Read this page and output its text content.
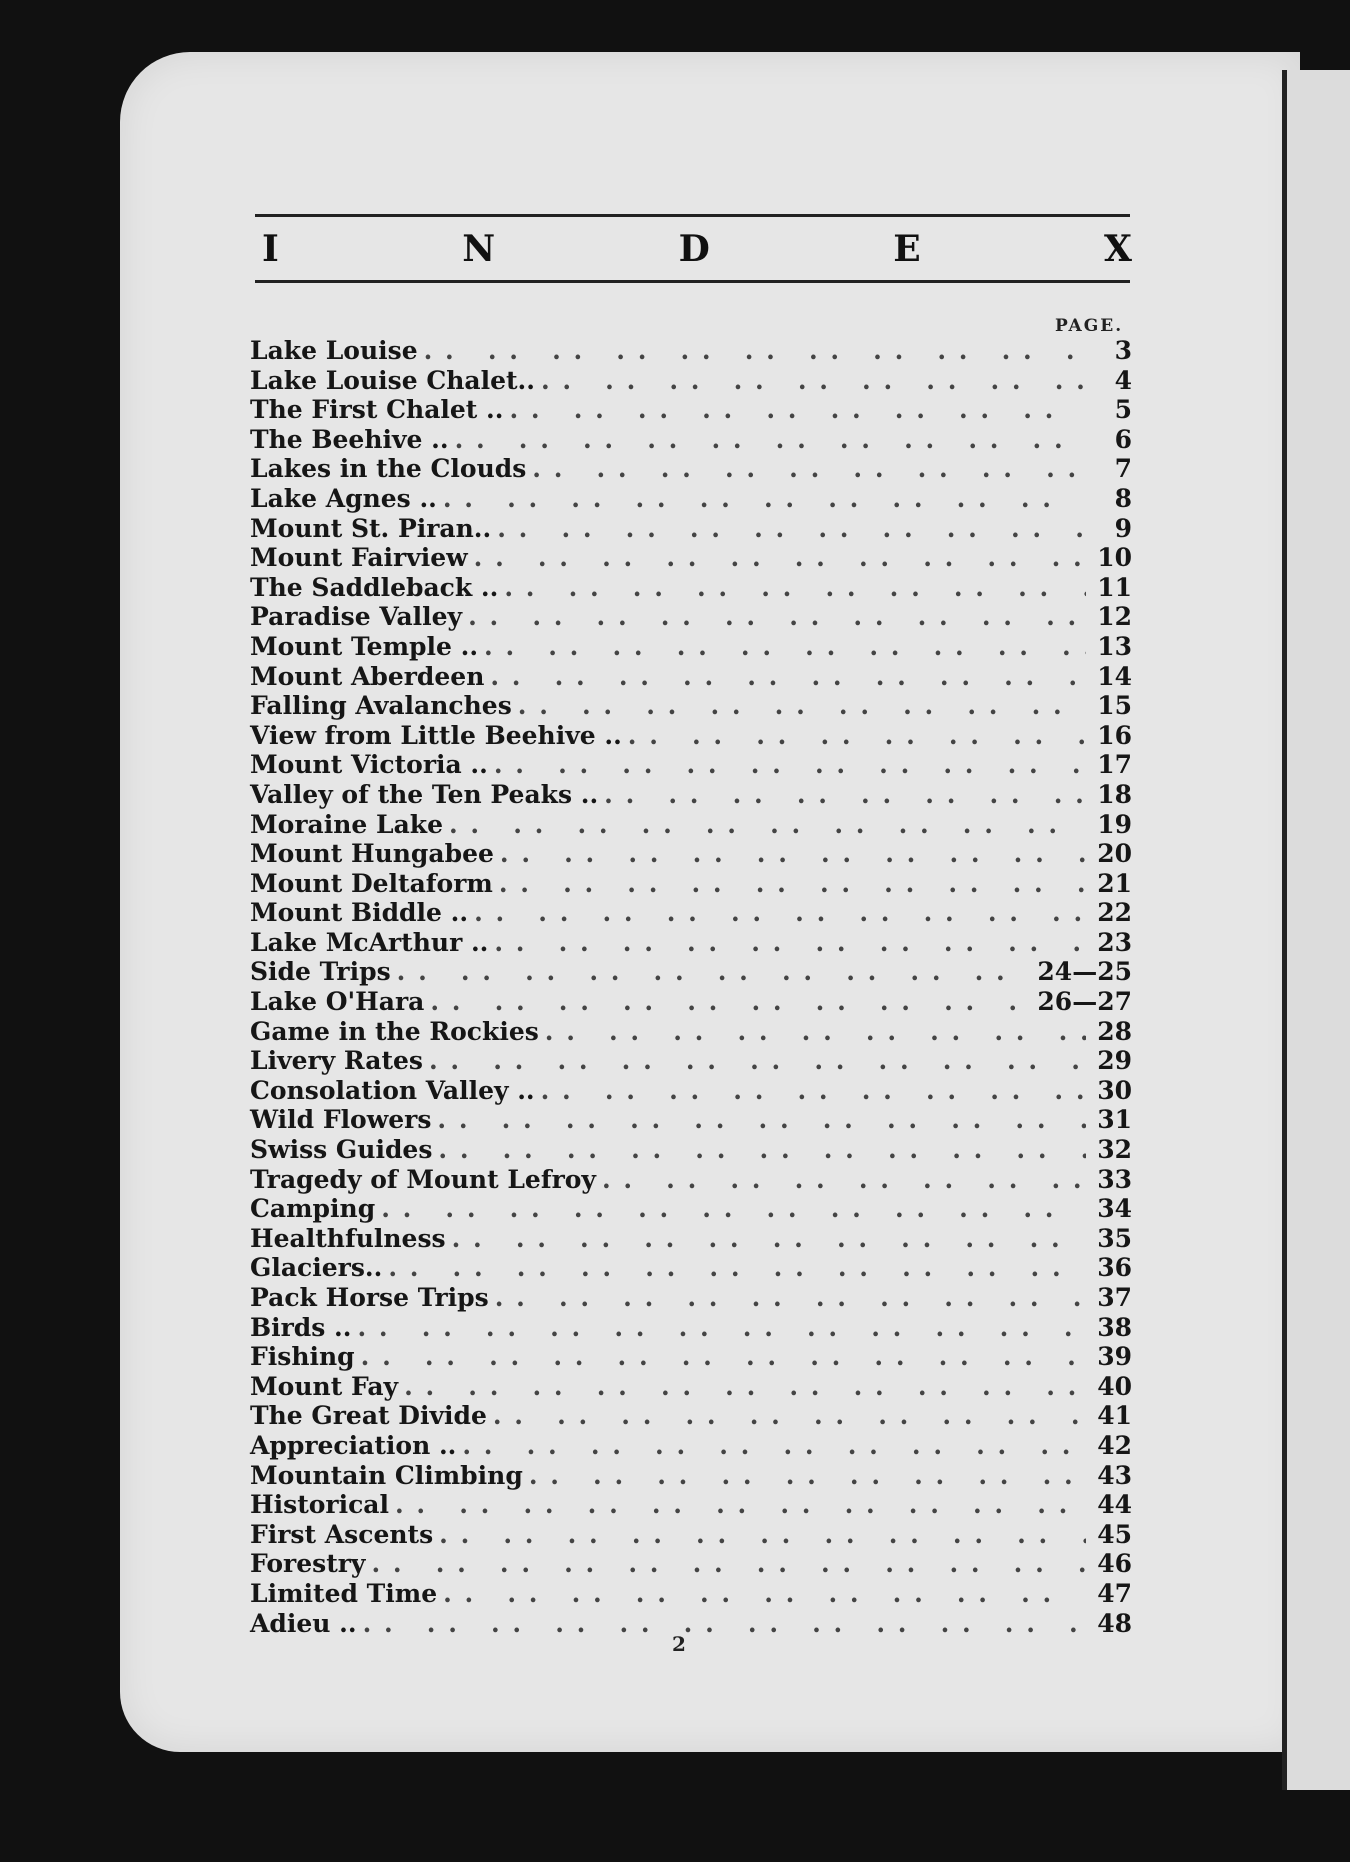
I	N	D	E	X
PAGE.
Lake Louise . .	3
Lake Louise Chalet.. . .	4
The First Chalet .. . .	5
The Beehive .. . .	6
Lakes in the Clouds . .	7
Lake Agnes .. . .	8
Mount St. Piran.. . .	9
Mount Fairview . .	10
The Saddleback .. . .	11
Paradise Valley . .	12
Mount Temple .. . .	13
Mount Aberdeen . .	14
Falling Avalanches . .	15
View from Little Beehive .. . .	16
Mount Victoria .. . .	17
Valley of the Ten Peaks .. . .	18
Moraine Lake . .	19
Mount Hungabee . .	20
Mount Deltaform . .	21
Mount Biddle .. . .	22
Lake McArthur .. . .	23
Side Trips . .	24—25
Lake O'Hara . .	26—27
Game in the Rockies . .	28
Livery Rates . .	29
Consolation Valley .. . .	30
Wild Flowers . .	31
Swiss Guides . .	32
Tragedy of Mount Lefroy . .	33
Camping . .	34
Healthfulness . .	35
Glaciers.. . .	36
Pack Horse Trips . .	37
Birds .. . .	38
Fishing . .	39
Mount Fay . .	40
The Great Divide . .	41
Appreciation .. . .	42
Mountain Climbing . .	43
Historical . .	44
First Ascents . .	45
Forestry . .	46
Limited Time . .	47
Adieu .. . .	48
2
